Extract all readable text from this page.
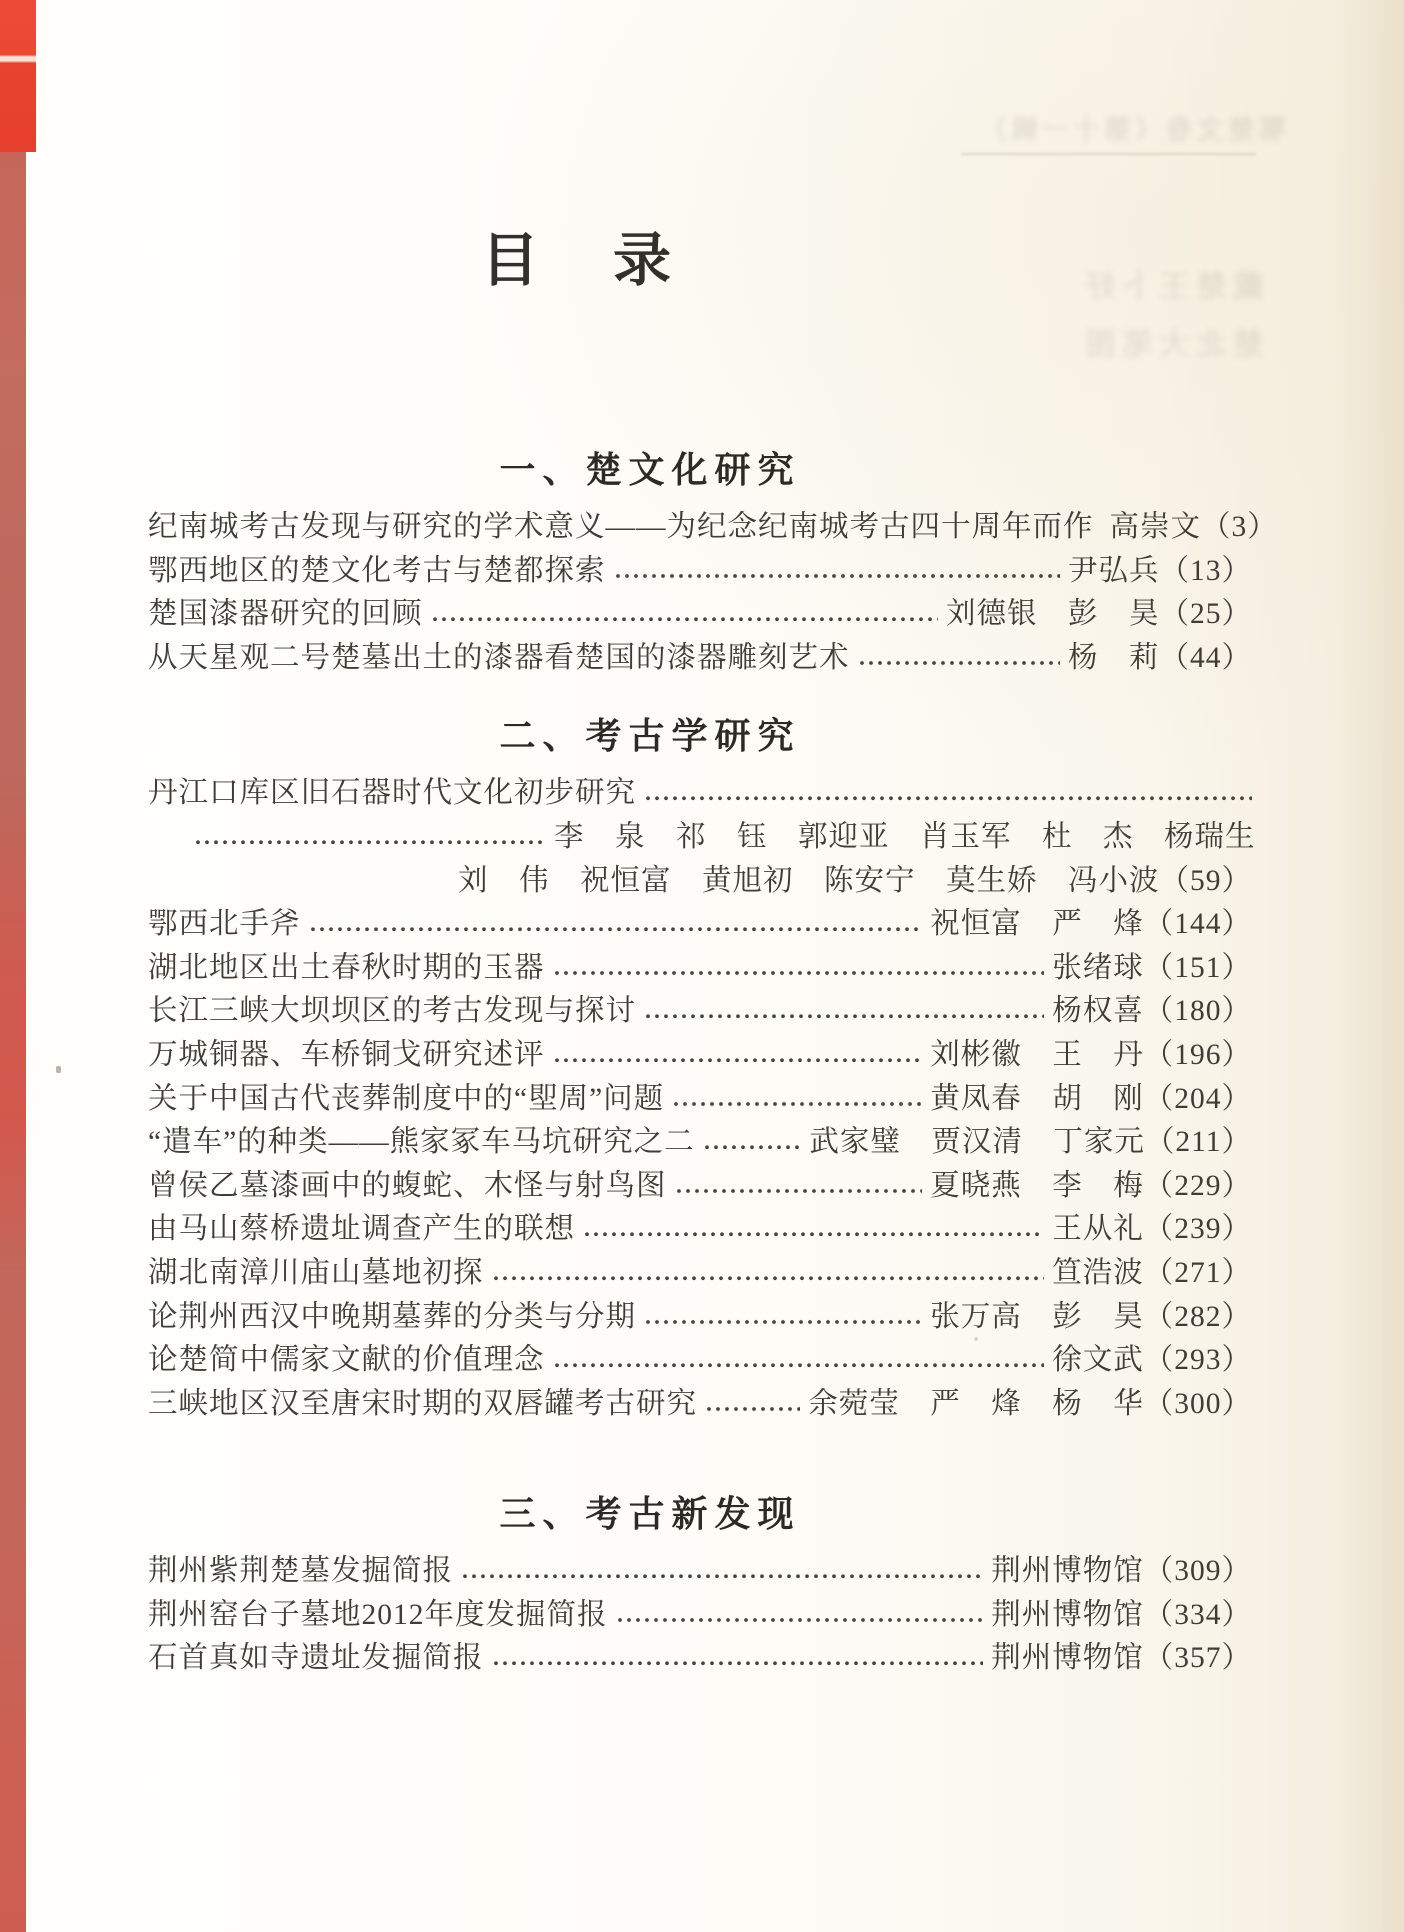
鄂楚文卷（第十一辑）
戴楚王卜好
楚北大笔图
目　录
一、楚文化研究
纪南城考古发现与研究的学术意义——为纪念纪南城考古四十周年而作 高崇文（3）
鄂西地区的楚文化考古与楚都探索	尹弘兵（13）
楚国漆器研究的回顾	刘德银　彭　昊（25）
从天星观二号楚墓出土的漆器看楚国的漆器雕刻艺术	杨　莉（44）
二、考古学研究
丹江口库区旧石器时代文化初步研究
李　泉　祁　钰　郭迎亚　肖玉军　杜　杰　杨瑞生
刘　伟　祝恒富　黄旭初　陈安宁　莫生娇　冯小波（59）
鄂西北手斧	祝恒富　严　烽（144）
湖北地区出土春秋时期的玉器	张绪球（151）
长江三峡大坝坝区的考古发现与探讨	杨权喜（180）
万城铜器、车桥铜戈研究述评	刘彬徽　王　丹（196）
关于中国古代丧葬制度中的“堲周”问题	黄凤春　胡　刚（204）
“遣车”的种类——熊家冢车马坑研究之二	武家璧　贾汉清　丁家元（211）
曾侯乙墓漆画中的蝮蛇、木怪与射鸟图	夏晓燕　李　梅（229）
由马山蔡桥遗址调查产生的联想	王从礼（239）
湖北南漳川庙山墓地初探	笪浩波（271）
论荆州西汉中晚期墓葬的分类与分期	张万高　彭　昊（282）
论楚简中儒家文献的价值理念	徐文武（293）
三峡地区汉至唐宋时期的双唇罐考古研究	余菀莹　严　烽　杨　华（300）
三、考古新发现
荆州紫荆楚墓发掘简报	荆州博物馆（309）
荆州窑台子墓地2012年度发掘简报	荆州博物馆（334）
石首真如寺遗址发掘简报	荆州博物馆（357）
